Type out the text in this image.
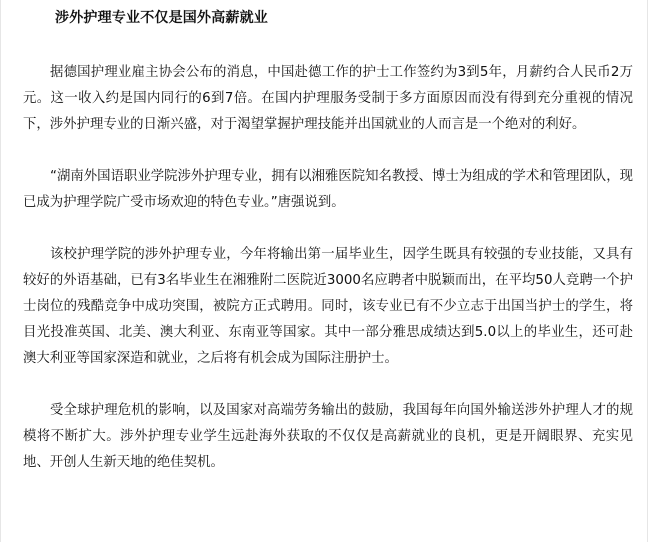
涉外护理专业不仅是国外高薪就业

据德国护理业雇主协会公布的消息，中国赴德工作的护士工作签约为3到5年，月薪约合人民币2万元。这一收入约是国内同行的6到7倍。在国内护理服务受制于多方面原因而没有得到充分重视的情况下，涉外护理专业的日渐兴盛，对于渴望掌握护理技能并出国就业的人而言是一个绝对的利好。

“湖南外国语职业学院涉外护理专业，拥有以湘雅医院知名教授、博士为组成的学术和管理团队，现已成为护理学院广受市场欢迎的特色专业。”唐强说到。

该校护理学院的涉外护理专业，今年将输出第一届毕业生，因学生既具有较强的专业技能，又具有较好的外语基础，已有3名毕业生在湘雅附二医院近3000名应聘者中脱颖而出，在平均50人竞聘一个护士岗位的残酷竞争中成功突围，被院方正式聘用。同时，该专业已有不少立志于出国当护士的学生，将目光投准英国、北美、澳大利亚、东南亚等国家。其中一部分雅思成绩达到5.0以上的毕业生，还可赴澳大利亚等国家深造和就业，之后将有机会成为国际注册护士。

受全球护理危机的影响，以及国家对高端劳务输出的鼓励，我国每年向国外输送涉外护理人才的规模将不断扩大。涉外护理专业学生远赴海外获取的不仅仅是高薪就业的良机，更是开阔眼界、充实见地、开创人生新天地的绝佳契机。
